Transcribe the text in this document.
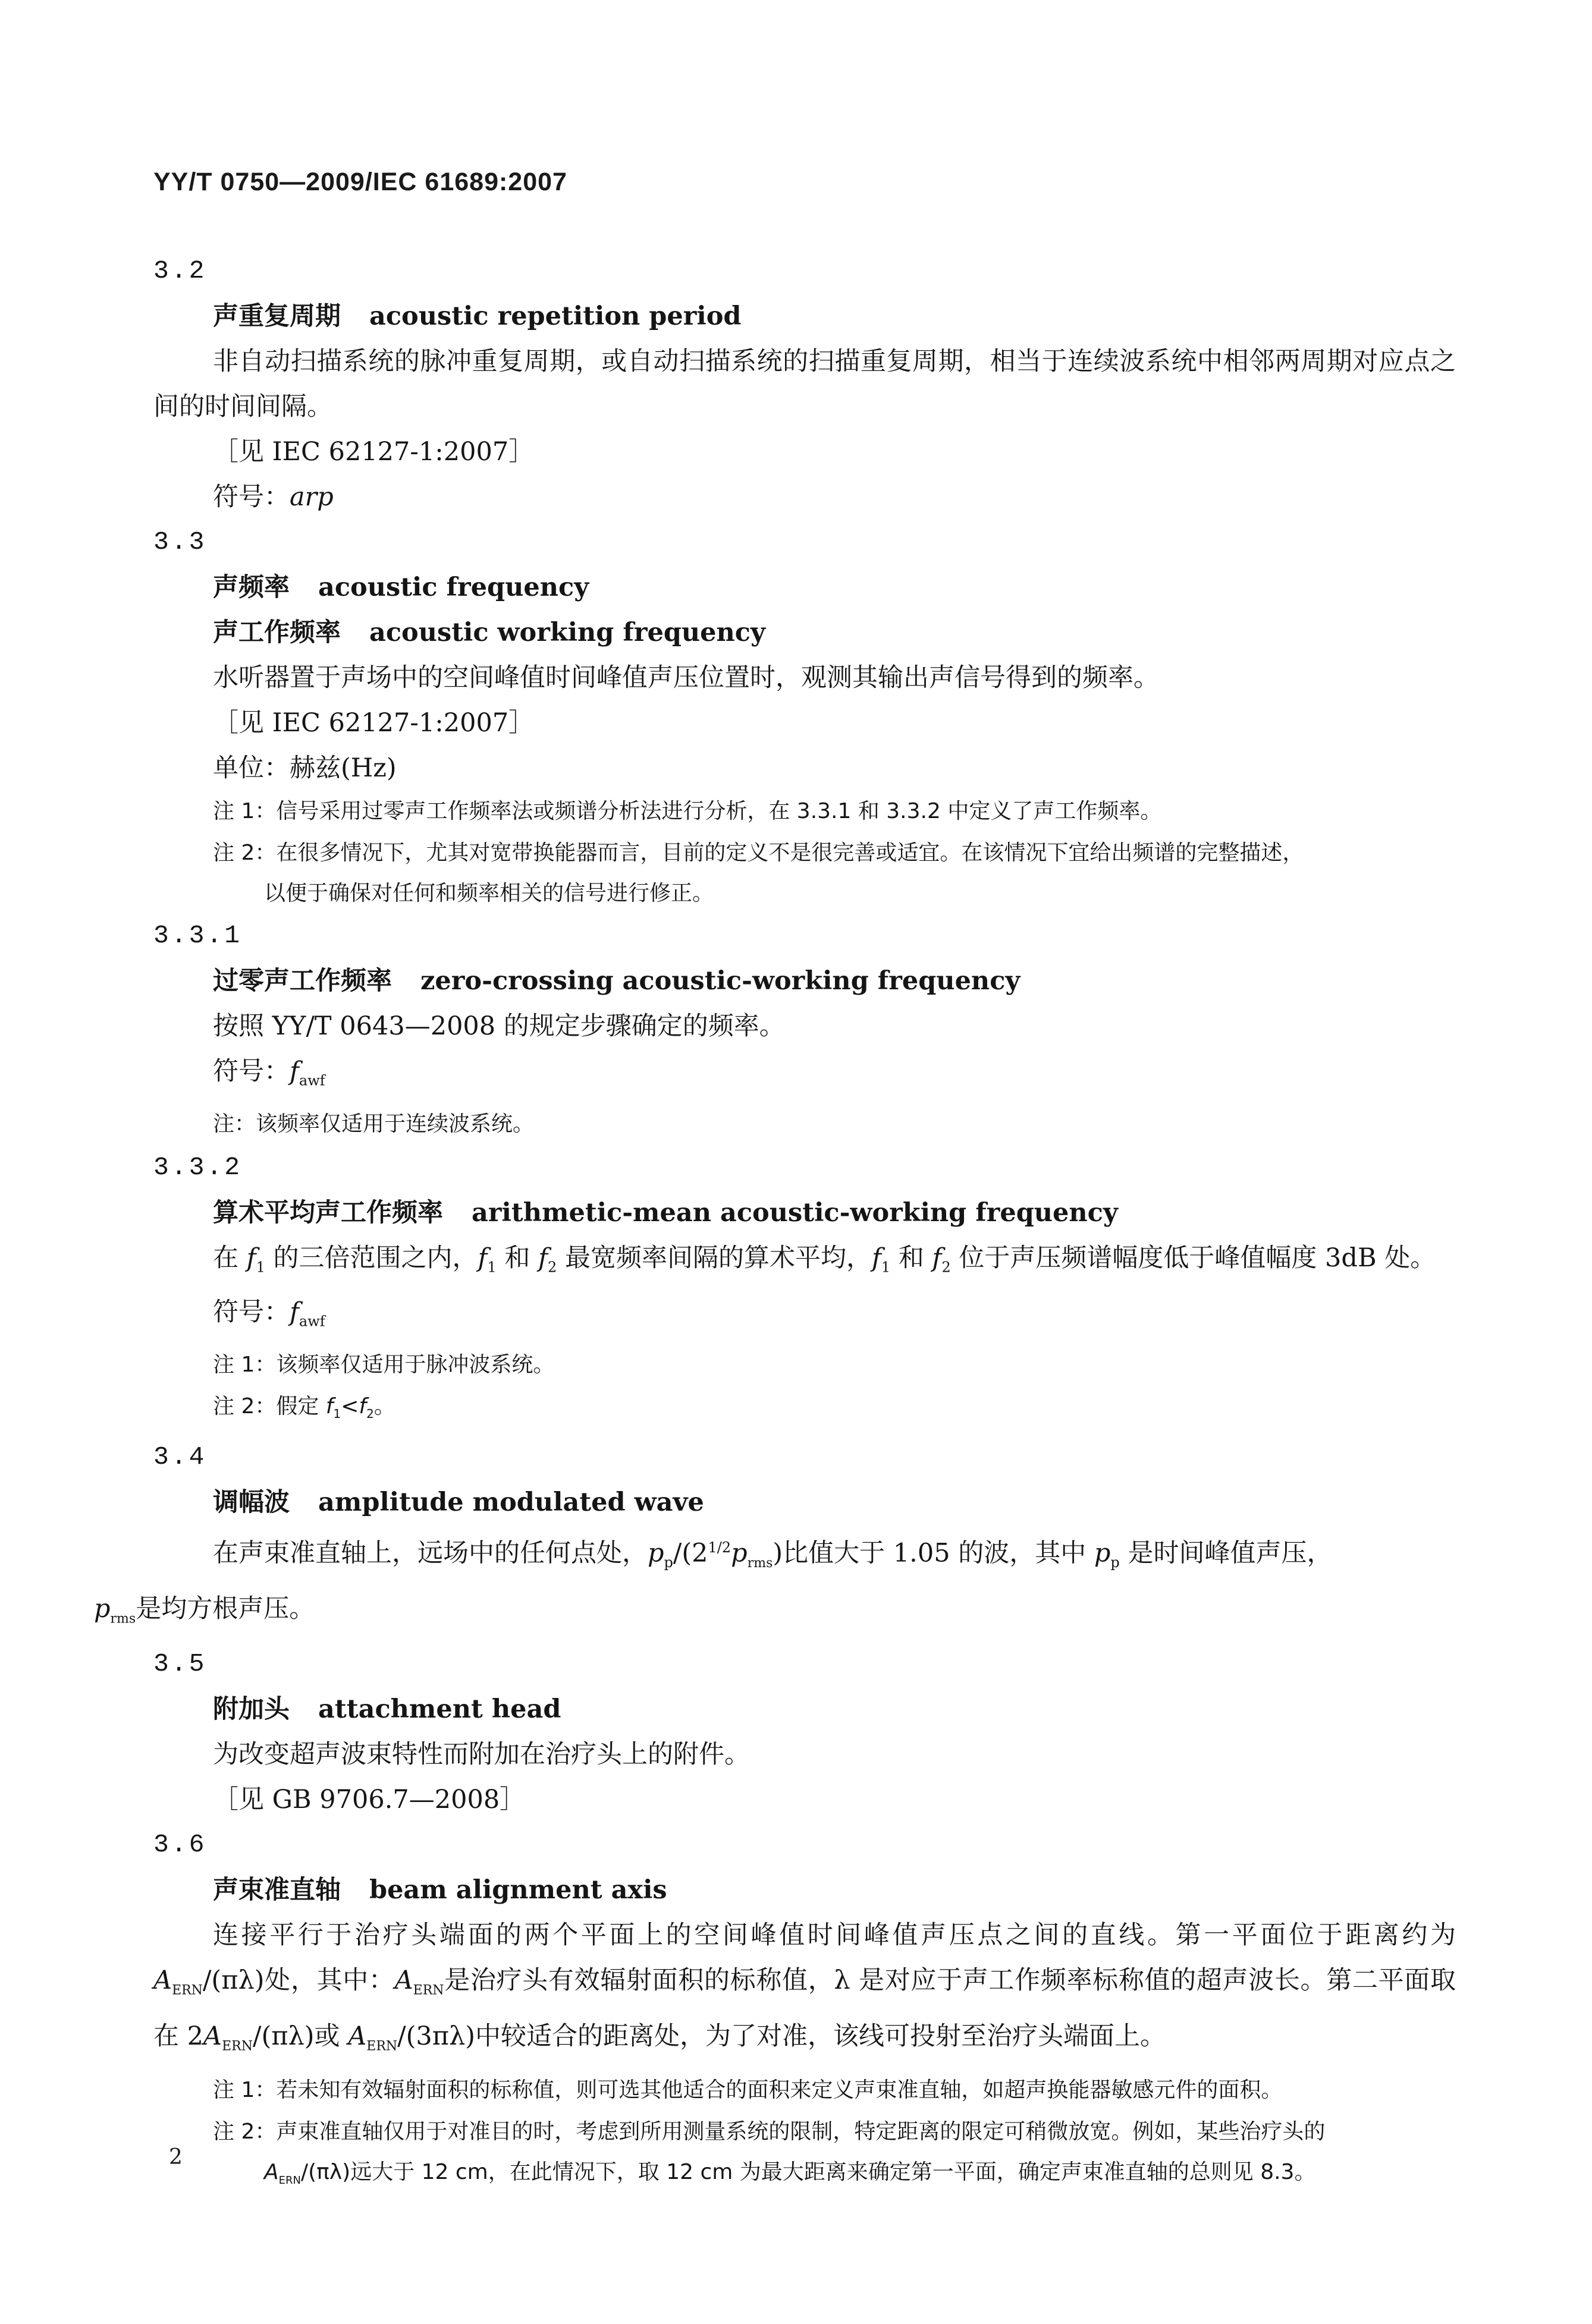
YY/T 0750—2009/IEC 61689:2007
3.2
声重复周期 acoustic repetition period
非自动扫描系统的脉冲重复周期，或自动扫描系统的扫描重复周期，相当于连续波系统中相邻两周期对应点之间的时间间隔。
［见 IEC 62127-1:2007］
符号：arp
3.3
声频率 acoustic frequency
声工作频率 acoustic working frequency
水听器置于声场中的空间峰值时间峰值声压位置时，观测其输出声信号得到的频率。
［见 IEC 62127-1:2007］
单位：赫兹(Hz)
注 1：信号采用过零声工作频率法或频谱分析法进行分析，在 3.3.1 和 3.3.2 中定义了声工作频率。
注 2：在很多情况下，尤其对宽带换能器而言，目前的定义不是很完善或适宜。在该情况下宜给出频谱的完整描述，
以便于确保对任何和频率相关的信号进行修正。
3.3.1
过零声工作频率 zero-crossing acoustic-working frequency
按照 YY/T 0643—2008 的规定步骤确定的频率。
符号：$f_{awf}$
注：该频率仅适用于连续波系统。
3.3.2
算术平均声工作频率 arithmetic-mean acoustic-working frequency
在 $f_1$ 的三倍范围之内，$f_1$ 和 $f_2$ 最宽频率间隔的算术平均，$f_1$ 和 $f_2$ 位于声压频谱幅度低于峰值幅度 3dB 处。
符号：$f_{awf}$
注 1：该频率仅适用于脉冲波系统。
注 2：假定 $f_1<f_2$。
3.4
调幅波 amplitude modulated wave
在声束准直轴上，远场中的任何点处，$p_p/(2^{1/2}p_{rms})$比值大于 1.05 的波，其中 $p_p$ 是时间峰值声压，
$p_{rms}$是均方根声压。
3.5
附加头 attachment head
为改变超声波束特性而附加在治疗头上的附件。
［见 GB 9706.7—2008］
3.6
声束准直轴 beam alignment axis
连接平行于治疗头端面的两个平面上的空间峰值时间峰值声压点之间的直线。第一平面位于距离约为 $A_{ERN}/(\pi\lambda)$处，其中：$A_{ERN}$是治疗头有效辐射面积的标称值，λ 是对应于声工作频率标称值的超声波长。第二平面取在 $2A_{ERN}/(\pi\lambda)$或 $A_{ERN}/(3\pi\lambda)$中较适合的距离处，为了对准，该线可投射至治疗头端面上。
注 1：若未知有效辐射面积的标称值，则可选其他适合的面积来定义声束准直轴，如超声换能器敏感元件的面积。
注 2：声束准直轴仅用于对准目的时，考虑到所用测量系统的限制，特定距离的限定可稍微放宽。例如，某些治疗头的
$A_{ERN}/(\pi\lambda)$远大于 12 cm，在此情况下，取 12 cm 为最大距离来确定第一平面，确定声束准直轴的总则见 8.3。
2
